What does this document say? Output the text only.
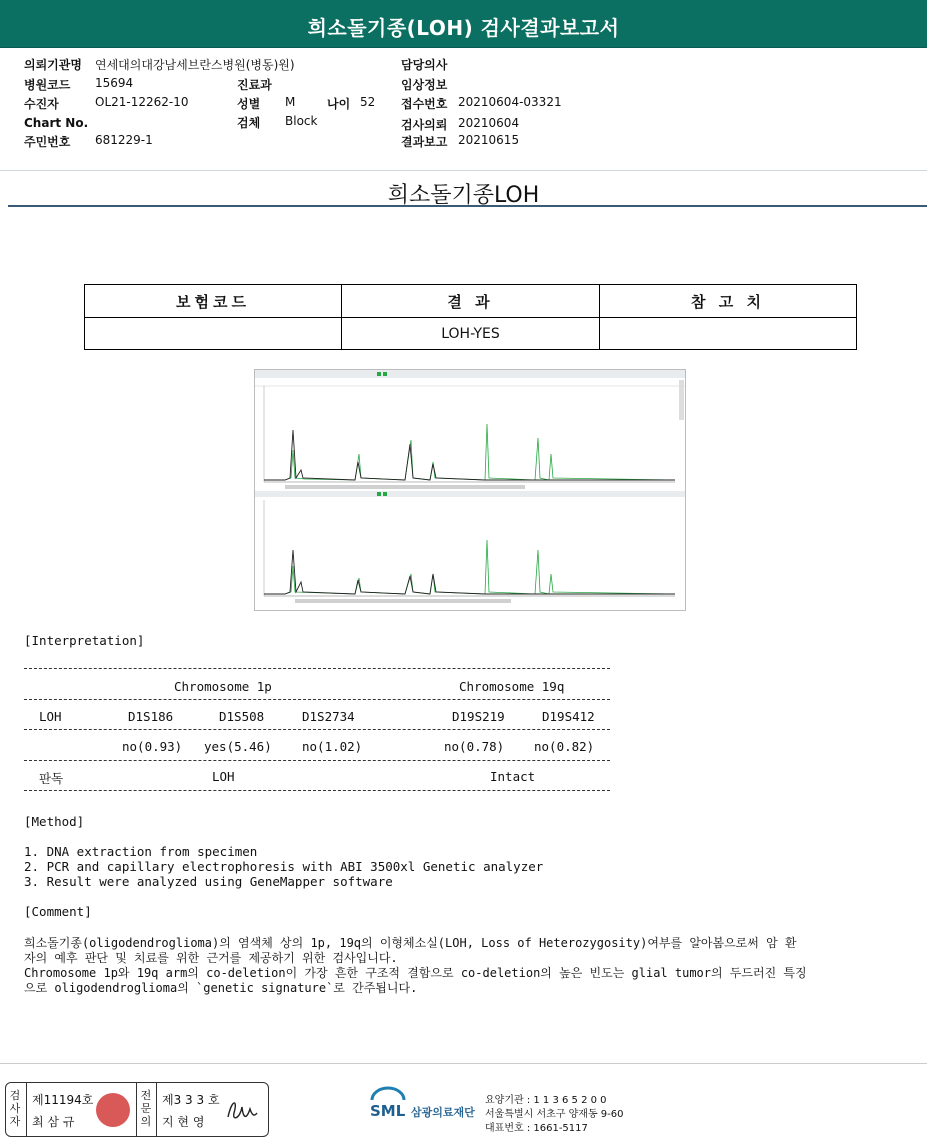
희소돌기종(LOH) 검사결과보고서
의뢰기관명 연세대의대강남세브란스병원(병동)원)
병원코드 15694
수진자	OL21-12262-10
Chart No.
주민번호 681229-1
진료과
성별 M	나이 52
검체 Block
담당의사
임상정보
접수번호 20210604-03321
검사의뢰 20210604
결과보고 20210615
희소돌기종LOH
보험코드	결 과	참 고 치
	LOH-YES	
[Interpretation]
Chromosome 1p	Chromosome 19q
LOH	D1S186	D1S508	D1S2734	D19S219	D19S412
no(0.93) yes(5.46) no(1.02)	no(0.78) no(0.82)
판독	LOH	Intact
[Method]
1. DNA extraction from specimen
2. PCR and capillary electrophoresis with ABI 3500xl Genetic analyzer
3. Result were analyzed using GeneMapper software
[Comment]
희소돌기종(oligodendroglioma)의 염색체 상의 1p, 19q의 이형체소실(LOH, Loss of Heterozygosity)여부를 알아봄으로써 암 환
자의 예후 판단 및 치료를 위한 근거를 제공하기 위한 검사입니다.
Chromosome 1p와 19q arm의 co-deletion이 가장 흔한 구조적 결함으로 co-deletion의 높은 빈도는 glial tumor의 두드러진 특징
으로 oligodendroglioma의 `genetic signature`로 간주됩니다.
검사자
제11194호
최 삼 규
전문의
제3 3 3 호
지 현 영
SML 삼광의료재단
요양기관 : 1 1 3 6 5 2 0 0
서울특별시 서초구 양재동 9-60
대표번호 : 1661-5117
